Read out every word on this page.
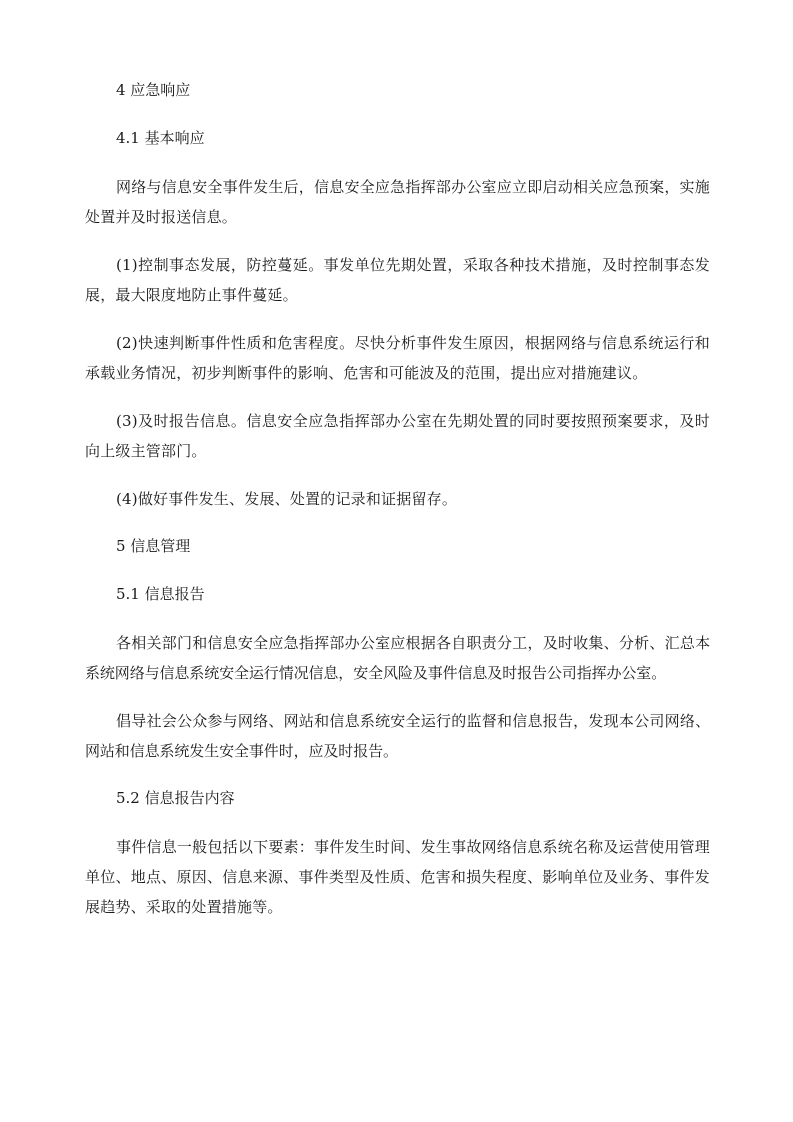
4 应急响应
4.1 基本响应

网络与信息安全事件发生后，信息安全应急指挥部办公室应立即启动相关应急预案，实施处置并及时报送信息。

(1)控制事态发展，防控蔓延。事发单位先期处置，采取各种技术措施，及时控制事态发展，最大限度地防止事件蔓延。

(2)快速判断事件性质和危害程度。尽快分析事件发生原因，根据网络与信息系统运行和承载业务情况，初步判断事件的影响、危害和可能波及的范围，提出应对措施建议。

(3)及时报告信息。信息安全应急指挥部办公室在先期处置的同时要按照预案要求，及时向上级主管部门。

(4)做好事件发生、发展、处置的记录和证据留存。

5 信息管理
5.1 信息报告

各相关部门和信息安全应急指挥部办公室应根据各自职责分工，及时收集、分析、汇总本系统网络与信息系统安全运行情况信息，安全风险及事件信息及时报告公司指挥办公室。

倡导社会公众参与网络、网站和信息系统安全运行的监督和信息报告，发现本公司网络、网站和信息系统发生安全事件时，应及时报告。

5.2 信息报告内容

事件信息一般包括以下要素：事件发生时间、发生事故网络信息系统名称及运营使用管理单位、地点、原因、信息来源、事件类型及性质、危害和损失程度、影响单位及业务、事件发展趋势、采取的处置措施等。
